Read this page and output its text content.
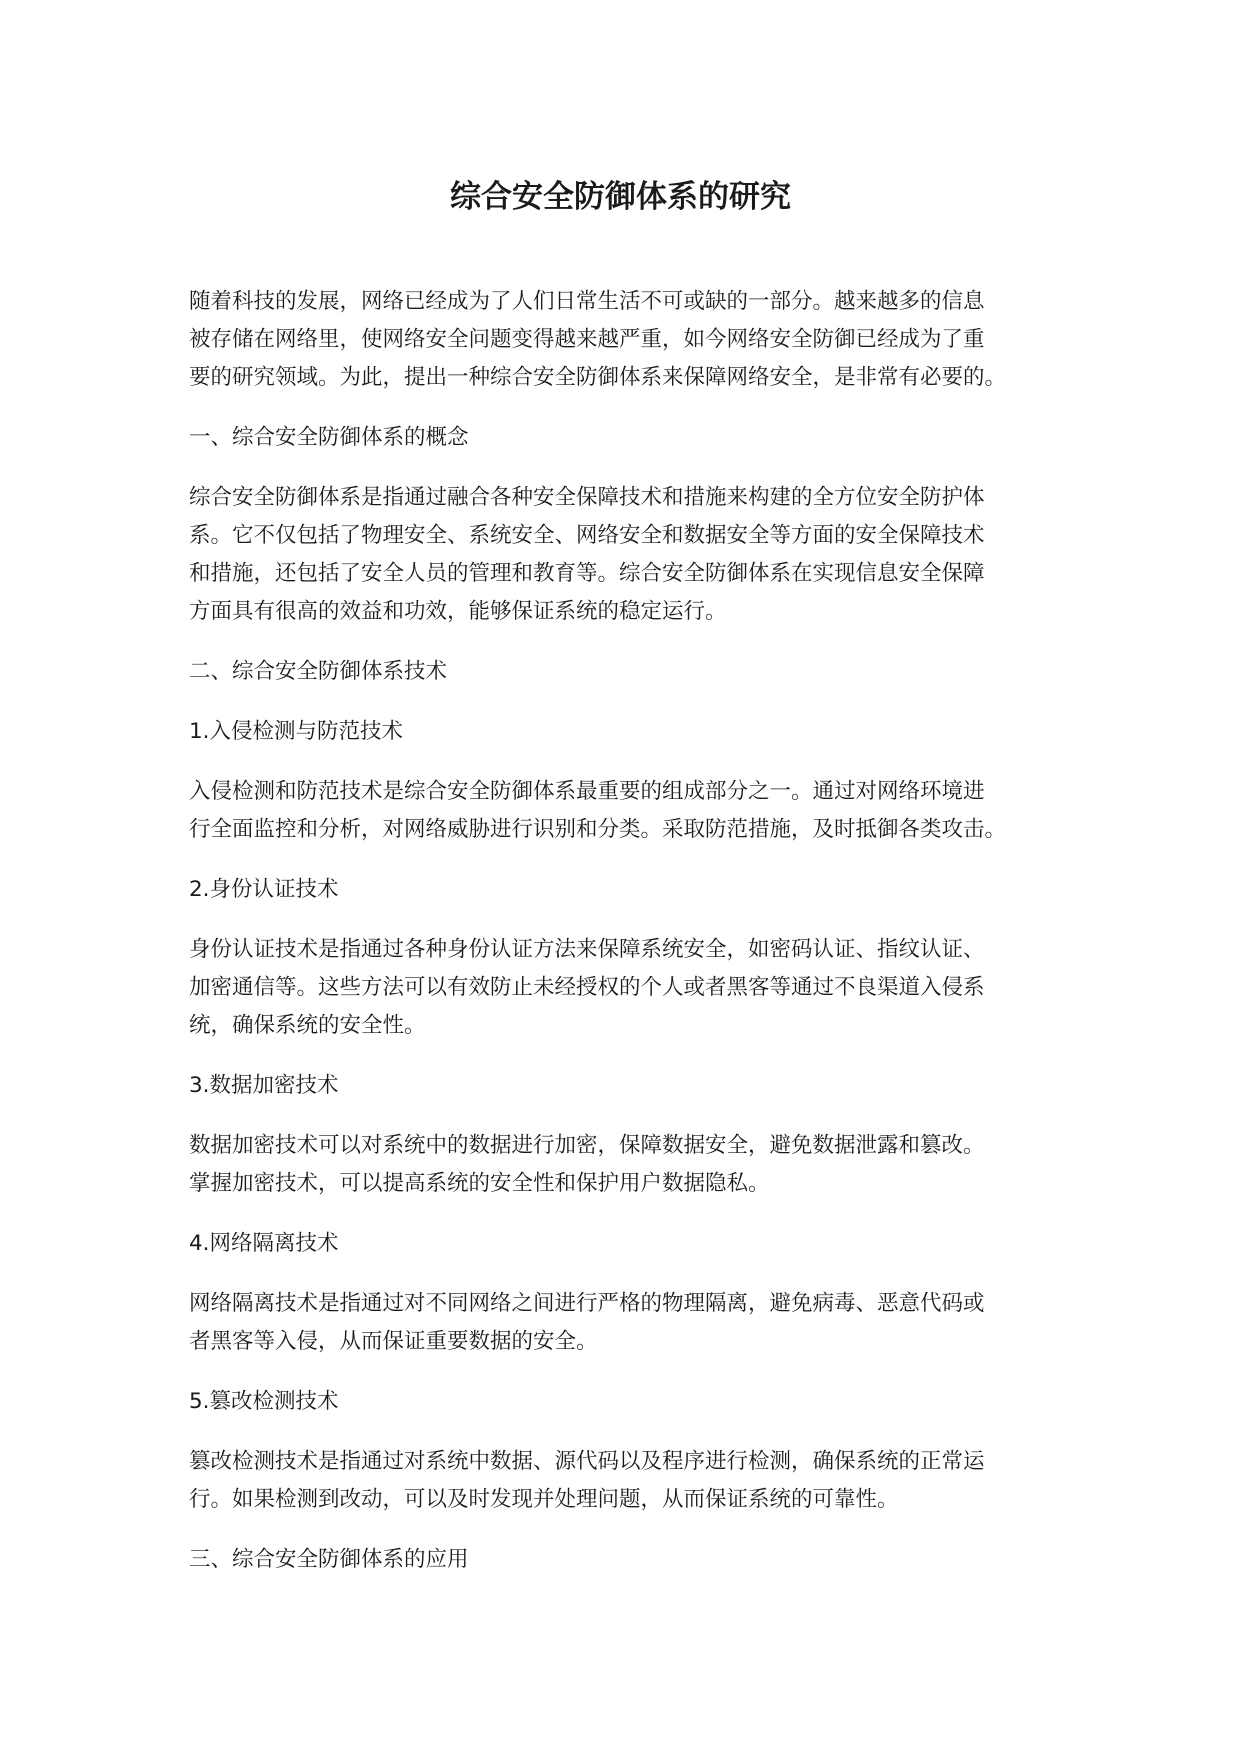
综合安全防御体系的研究

随着科技的发展，网络已经成为了人们日常生活不可或缺的一部分。越来越多的信息
被存储在网络里，使网络安全问题变得越来越严重，如今网络安全防御已经成为了重
要的研究领域。为此，提出一种综合安全防御体系来保障网络安全，是非常有必要的。

一、综合安全防御体系的概念

综合安全防御体系是指通过融合各种安全保障技术和措施来构建的全方位安全防护体
系。它不仅包括了物理安全、系统安全、网络安全和数据安全等方面的安全保障技术
和措施，还包括了安全人员的管理和教育等。综合安全防御体系在实现信息安全保障
方面具有很高的效益和功效，能够保证系统的稳定运行。

二、综合安全防御体系技术

1.入侵检测与防范技术

入侵检测和防范技术是综合安全防御体系最重要的组成部分之一。通过对网络环境进
行全面监控和分析，对网络威胁进行识别和分类。采取防范措施，及时抵御各类攻击。

2.身份认证技术

身份认证技术是指通过各种身份认证方法来保障系统安全，如密码认证、指纹认证、
加密通信等。这些方法可以有效防止未经授权的个人或者黑客等通过不良渠道入侵系
统，确保系统的安全性。

3.数据加密技术

数据加密技术可以对系统中的数据进行加密，保障数据安全，避免数据泄露和篡改。
掌握加密技术，可以提高系统的安全性和保护用户数据隐私。

4.网络隔离技术

网络隔离技术是指通过对不同网络之间进行严格的物理隔离，避免病毒、恶意代码或
者黑客等入侵，从而保证重要数据的安全。

5.篡改检测技术

篡改检测技术是指通过对系统中数据、源代码以及程序进行检测，确保系统的正常运
行。如果检测到改动，可以及时发现并处理问题，从而保证系统的可靠性。

三、综合安全防御体系的应用
